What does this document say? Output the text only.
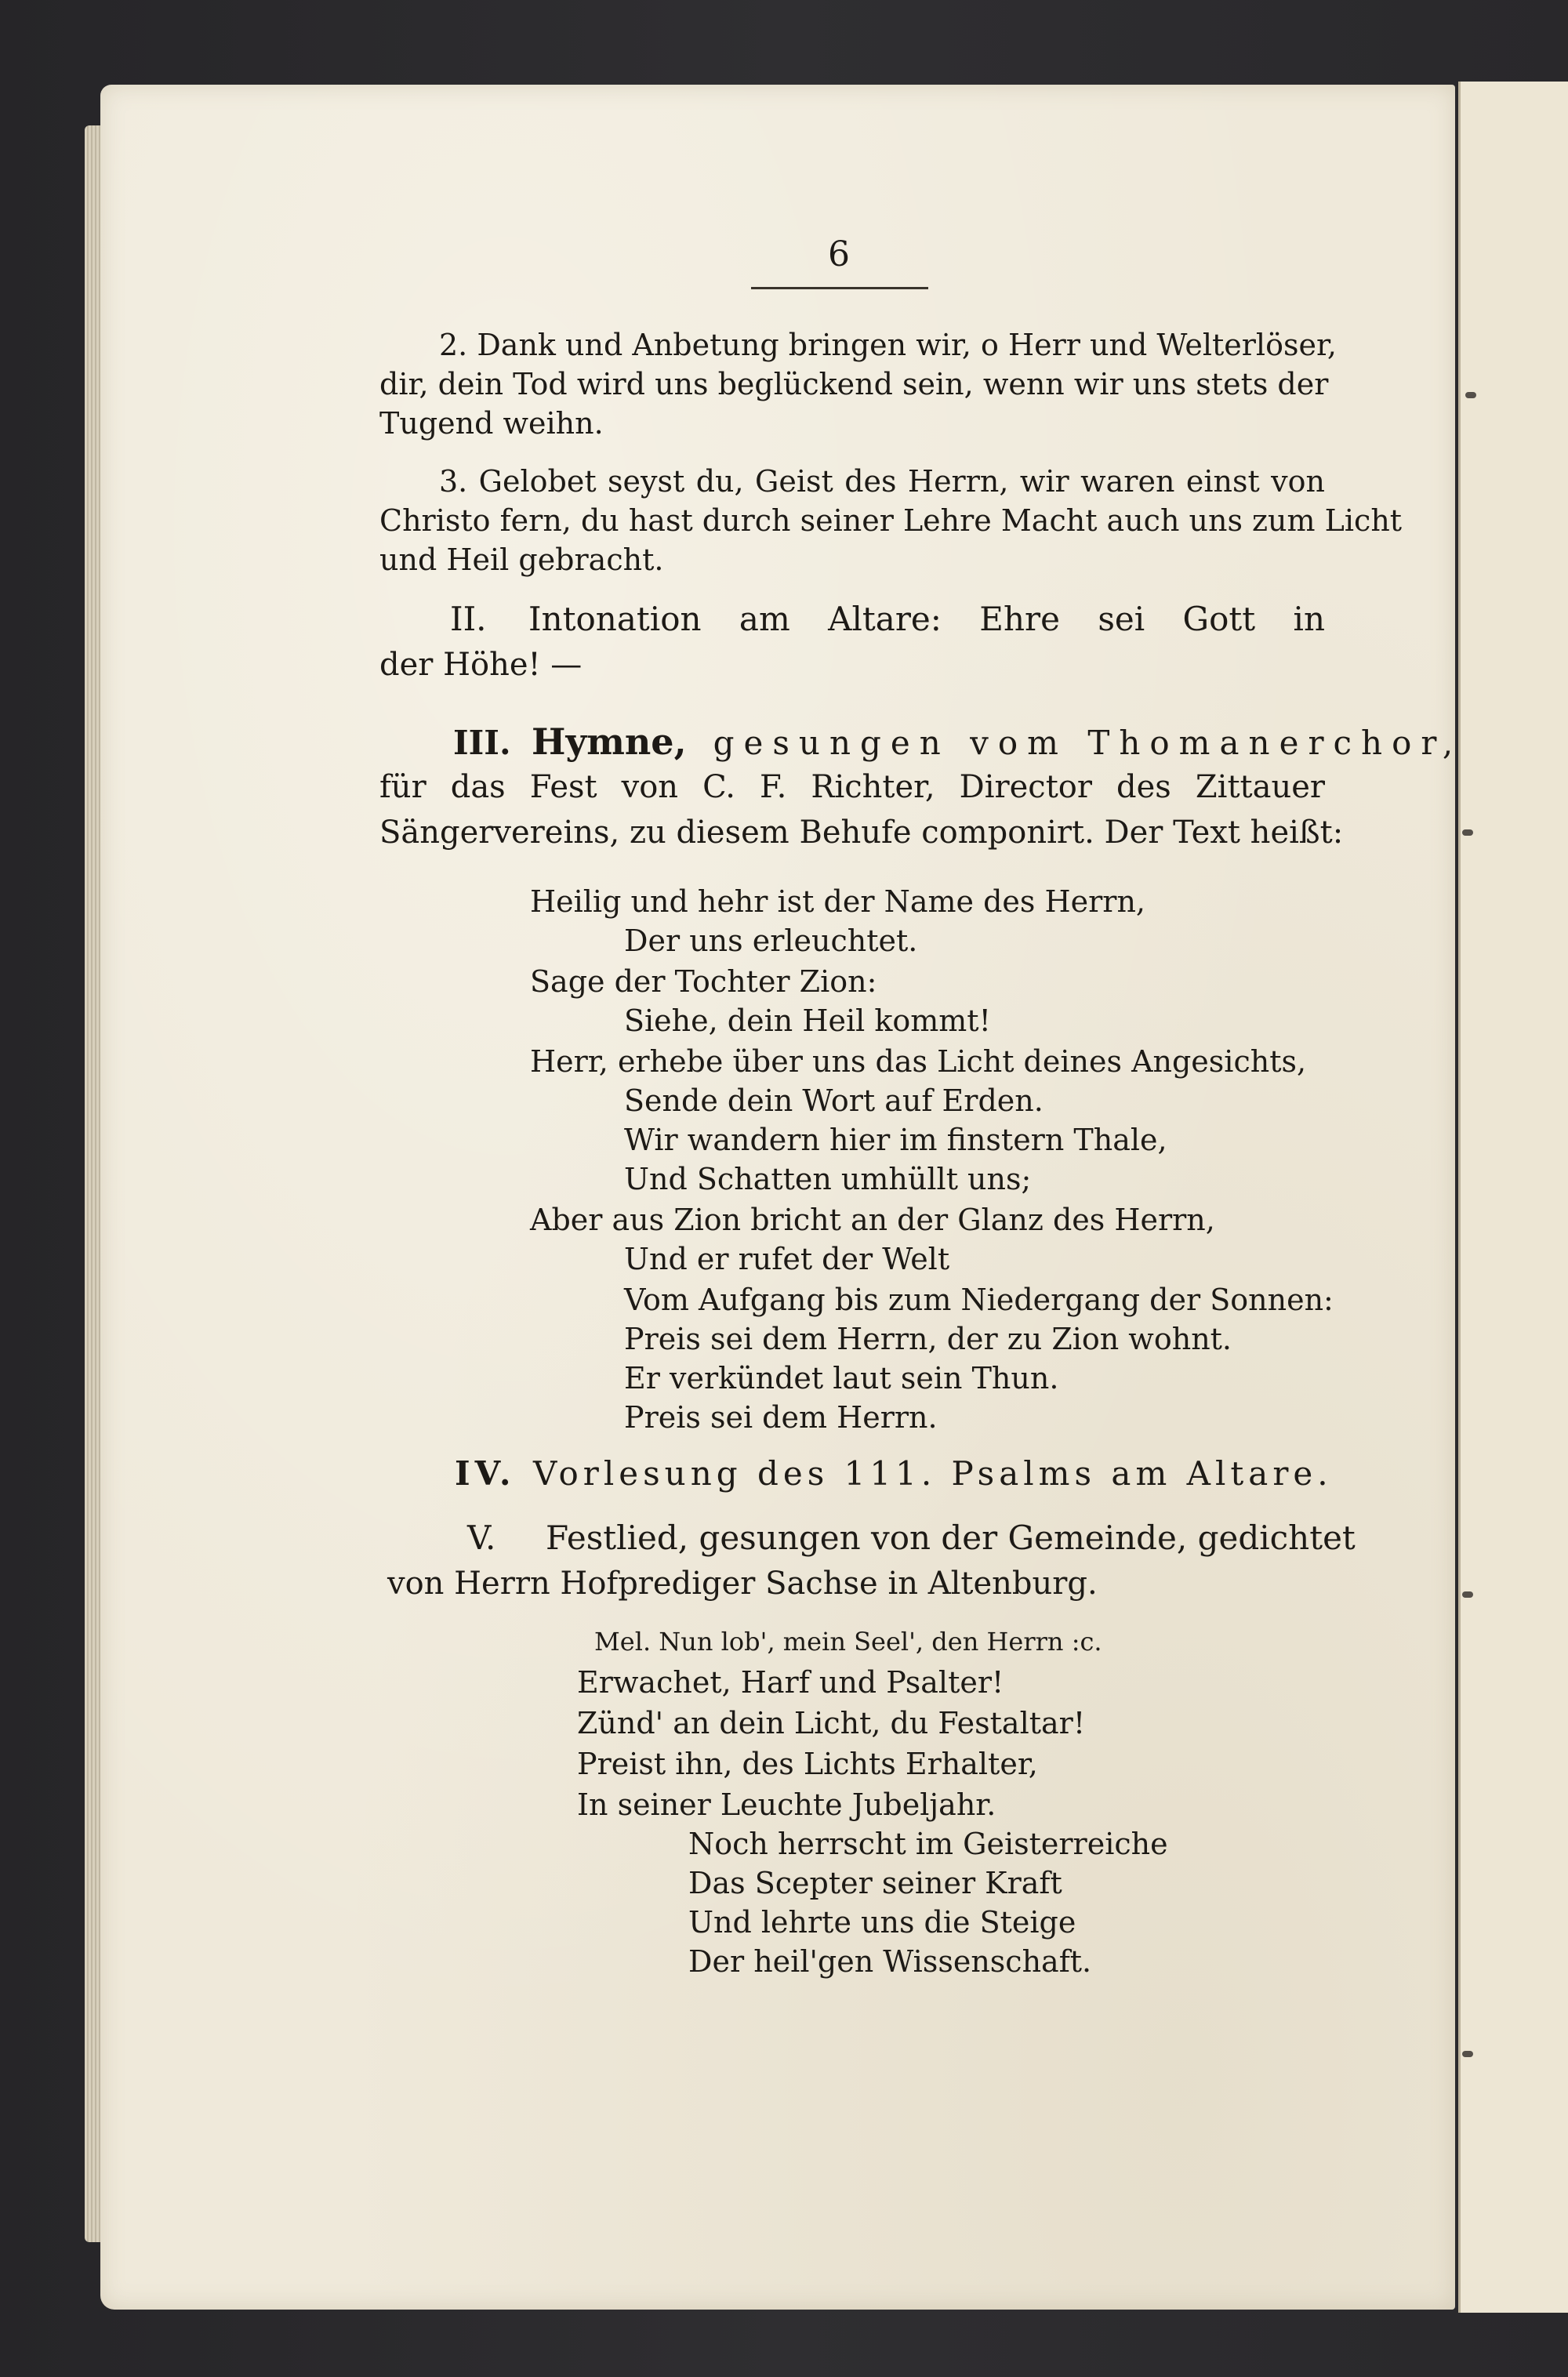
6
2. Dank und Anbetung bringen wir, o Herr und Welterlöser,
dir, dein Tod wird uns beglückend sein, wenn wir uns stets der
Tugend weihn.
3. Gelobet seyst du, Geist des Herrn, wir waren einst von
Christo fern, du hast durch seiner Lehre Macht auch uns zum Licht
und Heil gebracht.
II. Intonation am Altare: Ehre sei Gott in
der Höhe! —
III. Hymne, gesungen vom Thomanerchor,
für das Fest von C. F. Richter, Director des Zittauer
Sängervereins, zu diesem Behufe componirt. Der Text heißt:
Heilig und hehr ist der Name des Herrn,
Der uns erleuchtet.
Sage der Tochter Zion:
Siehe, dein Heil kommt!
Herr, erhebe über uns das Licht deines Angesichts,
Sende dein Wort auf Erden.
Wir wandern hier im finstern Thale,
Und Schatten umhüllt uns;
Aber aus Zion bricht an der Glanz des Herrn,
Und er rufet der Welt
Vom Aufgang bis zum Niedergang der Sonnen:
Preis sei dem Herrn, der zu Zion wohnt.
Er verkündet laut sein Thun.
Preis sei dem Herrn.
IV. Vorlesung des 111. Psalms am Altare.
V. Festlied, gesungen von der Gemeinde, gedichtet
von Herrn Hofprediger Sachse in Altenburg.
Mel. Nun lob', mein Seel', den Herrn :c.
Erwachet, Harf und Psalter!
Zünd' an dein Licht, du Festaltar!
Preist ihn, des Lichts Erhalter,
In seiner Leuchte Jubeljahr.
Noch herrscht im Geisterreiche
Das Scepter seiner Kraft
Und lehrte uns die Steige
Der heil'gen Wissenschaft.
